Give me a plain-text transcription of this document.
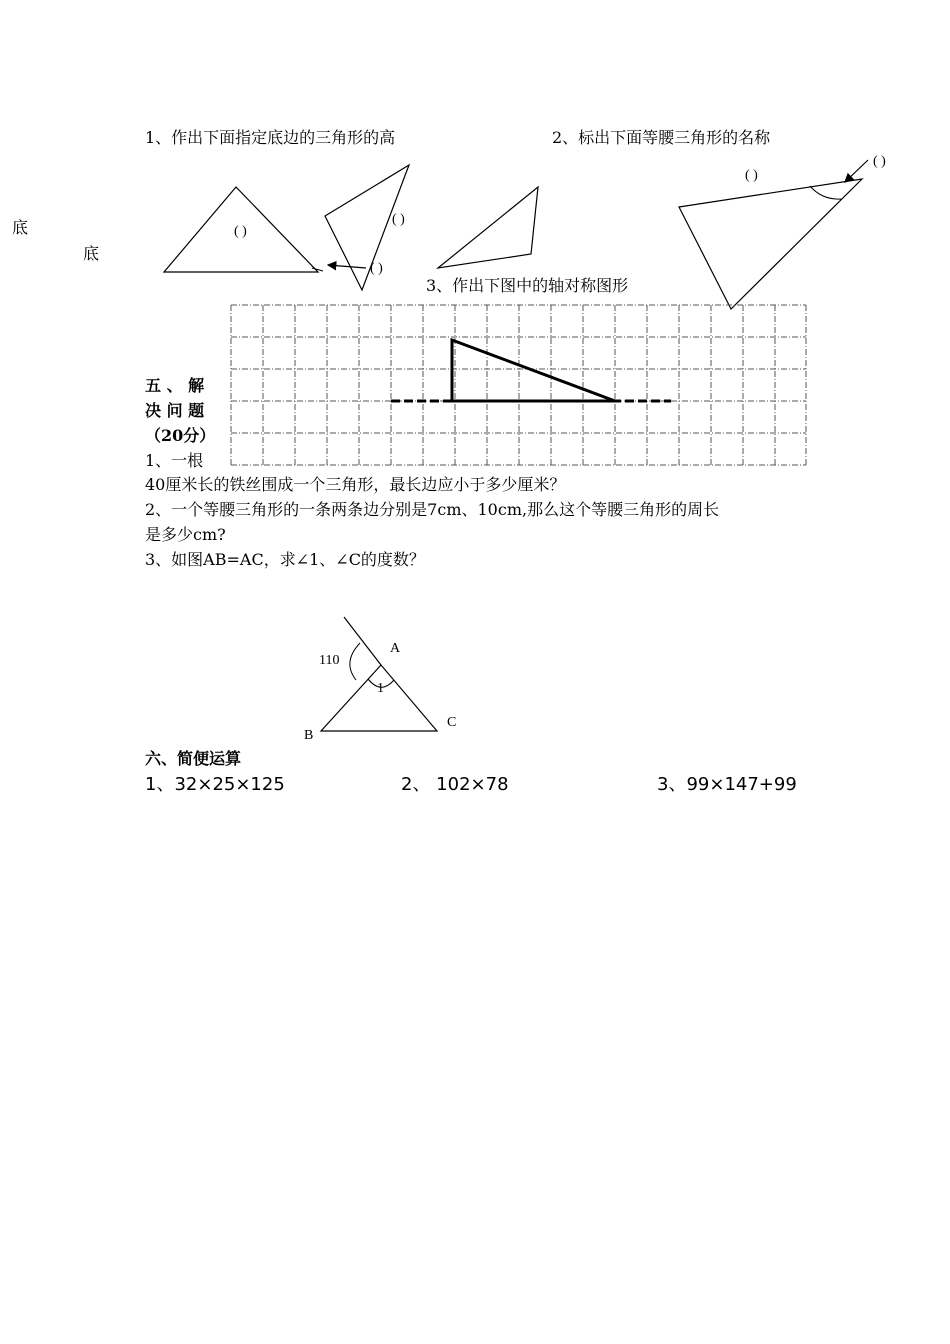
1、作出下面指定底边的三角形的高	2、标出下面等腰三角形的名称
底
底
( )
( )
( )
( )
( )
3、作出下图中的轴对称图形
五 、 解
决 问 题
（20分）
1、一根
40厘米长的铁丝围成一个三角形，最长边应小于多少厘米？
2、一个等腰三角形的一条两条边分别是7cm、10cm,那么这个等腰三角形的周长
是多少cm?
3、如图AB=AC，求∠1、∠C的度数？
110
1
A
B
C
六、简便运算
1、32×25×125	2、 102×78	3、99×147+99
